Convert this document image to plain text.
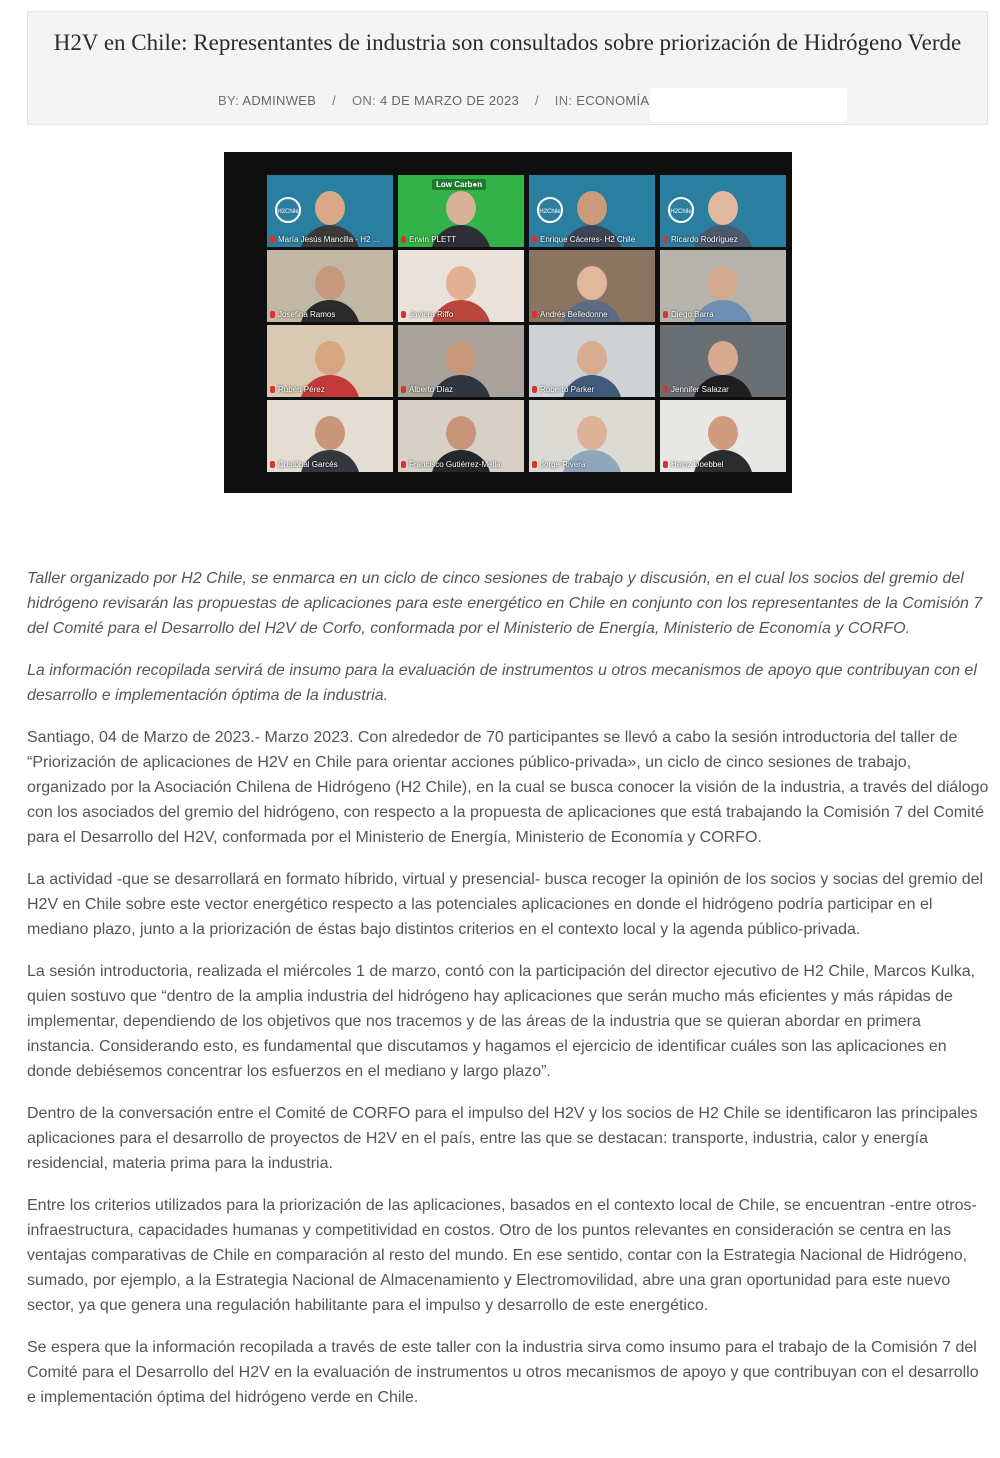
H2V en Chile: Representantes de industria son consultados sobre priorización de Hidrógeno Verde
BY: ADMINWEB / ON: 4 DE MARZO DE 2023 / IN: ECONOMÍA
H2Chile
María Jesús Mancilla - H2 ...
Low Carb●n
Erwin PLETT
H2Chile
Enrique Cáceres- H2 Chile
H2Chile
Ricardo Rodríguez
Josefina Ramos	Javiera Riffo	Andrés Belledonne	Diego Barra
Rubén Pérez	Alberto Díaz	Roberto Parker	Jennifer Salazar
Cristóbal Garcés	Francisco Gutiérrez-Mella	Jorge Rivera	Heinz Doebbel

Taller organizado por H2 Chile, se enmarca en un ciclo de cinco sesiones de trabajo y discusión, en el cual los socios del gremio del hidrógeno revisarán las propuestas de aplicaciones para este energético en Chile en conjunto con los representantes de la Comisión 7 del Comité para el Desarrollo del H2V de Corfo, conformada por el Ministerio de Energía, Ministerio de Economía y CORFO.

La información recopilada servirá de insumo para la evaluación de instrumentos u otros mecanismos de apoyo que contribuyan con el desarrollo e implementación óptima de la industria.

Santiago, 04 de Marzo de 2023.- Marzo 2023. Con alrededor de 70 participantes se llevó a cabo la sesión introductoria del taller de “Priorización de aplicaciones de H2V en Chile para orientar acciones público-privada», un ciclo de cinco sesiones de trabajo, organizado por la Asociación Chilena de Hidrógeno (H2 Chile), en la cual se busca conocer la visión de la industria, a través del diálogo con los asociados del gremio del hidrógeno, con respecto a la propuesta de aplicaciones que está trabajando la Comisión 7 del Comité para el Desarrollo del H2V, conformada por el Ministerio de Energía, Ministerio de Economía y CORFO.

La actividad -que se desarrollará en formato híbrido, virtual y presencial- busca recoger la opinión de los socios y socias del gremio del H2V en Chile sobre este vector energético respecto a las potenciales aplicaciones en donde el hidrógeno podría participar en el mediano plazo, junto a la priorización de éstas bajo distintos criterios en el contexto local y la agenda público-privada.

La sesión introductoria, realizada el miércoles 1 de marzo, contó con la participación del director ejecutivo de H2 Chile, Marcos Kulka, quien sostuvo que “dentro de la amplia industria del hidrógeno hay aplicaciones que serán mucho más eficientes y más rápidas de implementar, dependiendo de los objetivos que nos tracemos y de las áreas de la industria que se quieran abordar en primera instancia. Considerando esto, es fundamental que discutamos y hagamos el ejercicio de identificar cuáles son las aplicaciones en donde debiésemos concentrar los esfuerzos en el mediano y largo plazo”.

Dentro de la conversación entre el Comité de CORFO para el impulso del H2V y los socios de H2 Chile se identificaron las principales aplicaciones para el desarrollo de proyectos de H2V en el país, entre las que se destacan: transporte, industria, calor y energía residencial, materia prima para la industria.

Entre los criterios utilizados para la priorización de las aplicaciones, basados en el contexto local de Chile, se encuentran -entre otros- infraestructura, capacidades humanas y competitividad en costos. Otro de los puntos relevantes en consideración se centra en las ventajas comparativas de Chile en comparación al resto del mundo. En ese sentido, contar con la Estrategia Nacional de Hidrógeno, sumado, por ejemplo, a la Estrategia Nacional de Almacenamiento y Electromovilidad, abre una gran oportunidad para este nuevo sector, ya que genera una regulación habilitante para el impulso y desarrollo de este energético.

Se espera que la información recopilada a través de este taller con la industria sirva como insumo para el trabajo de la Comisión 7 del Comité para el Desarrollo del H2V en la evaluación de instrumentos u otros mecanismos de apoyo y que contribuyan con el desarrollo e implementación óptima del hidrógeno verde en Chile.
